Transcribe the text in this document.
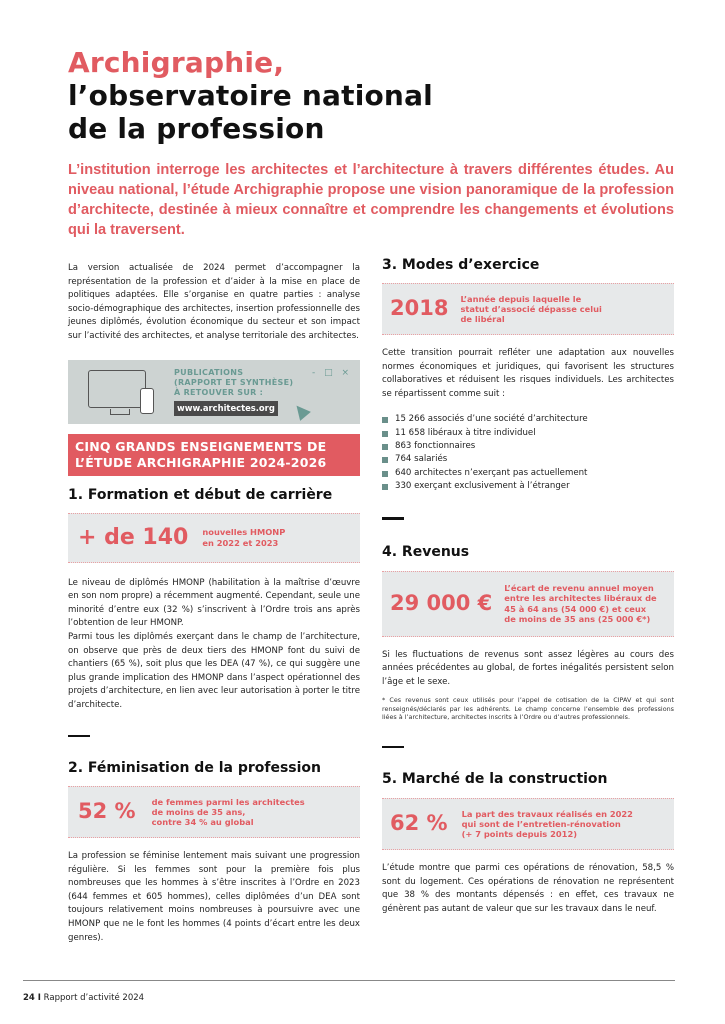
Archigraphie,
l’observatoire national
de la profession

L’institution interroge les architectes et l’architecture à travers différentes études. Au niveau national, l’étude Archigraphie propose une vision panoramique de la profession d’architecte, destinée à mieux connaître et comprendre les changements et évolutions qui la traversent.

La version actualisée de 2024 permet d’accompagner la représentation de la profession et d’aider à la mise en place de politiques adaptées. Elle s’organise en quatre parties : analyse socio-démographique des architectes, insertion professionnelle des jeunes diplômés, évolution économique du secteur et son impact sur l’activité des architectes, et analyse territoriale des architectes.

PUBLICATIONS
(RAPPORT ET SYNTHÈSE)
À RETOUVER SUR :
www.architectes.org
- □ ×
CINQ GRANDS ENSEIGNEMENTS DE
L’ÉTUDE ARCHIGRAPHIE 2024-2026
1. Formation et début de carrière
+ de 140 nouvelles HMONP
en 2022 et 2023

Le niveau de diplômés HMONP (habilitation à la maîtrise d’œuvre en son nom propre) a récemment augmenté. Cependant, seule une minorité d’entre eux (32 %) s’inscrivent à l’Ordre trois ans après l’obtention de leur HMONP.

Parmi tous les diplômés exerçant dans le champ de l’architecture, on observe que près de deux tiers des HMONP font du suivi de chantiers (65 %), soit plus que les DEA (47 %), ce qui suggère une plus grande implication des HMONP dans l’aspect opérationnel des projets d’architecture, en lien avec leur autorisation à porter le titre d’architecte.

2. Féminisation de la profession
52 % de femmes parmi les architectes
de moins de 35 ans,
contre 34 % au global

La profession se féminise lentement mais suivant une progression régulière. Si les femmes sont pour la première fois plus nombreuses que les hommes à s’être inscrites à l’Ordre en 2023 (644 femmes et 605 hommes), celles diplômées d’un DEA sont toujours relativement moins nombreuses à poursuivre avec une HMONP que ne le font les hommes (4 points d’écart entre les deux genres).

3. Modes d’exercice
2018 L’année depuis laquelle le
statut d’associé dépasse celui
de libéral

Cette transition pourrait refléter une adaptation aux nouvelles normes économiques et juridiques, qui favorisent les structures collaboratives et réduisent les risques individuels. Les architectes se répartissent comme suit :

15 266 associés d’une société d’architecture
11 658 libéraux à titre individuel
863 fonctionnaires
764 salariés
640 architectes n’exerçant pas actuellement
330 exerçant exclusivement à l’étranger
4. Revenus
29 000 €
L’écart de revenu annuel moyen
entre les architectes libéraux de
45 à 64 ans (54 000 €) et ceux
de moins de 35 ans (25 000 €*)

Si les fluctuations de revenus sont assez légères au cours des années précédentes au global, de fortes inégalités persistent selon l’âge et le sexe.

* Ces revenus sont ceux utilisés pour l’appel de cotisation de la CIPAV et qui sont renseignés/déclarés par les adhérents. Le champ concerne l’ensemble des professions liées à l’architecture, architectes inscrits à l’Ordre ou d’autres professionnels.

5. Marché de la construction
62 % La part des travaux réalisés en 2022
qui sont de l’entretien-rénovation
(+ 7 points depuis 2012)

L’étude montre que parmi ces opérations de rénovation, 58,5 % sont du logement. Ces opérations de rénovation ne représentent que 38 % des montants dépensés : en effet, ces travaux ne génèrent pas autant de valeur que sur les travaux dans le neuf.

24 I Rapport d’activité 2024
